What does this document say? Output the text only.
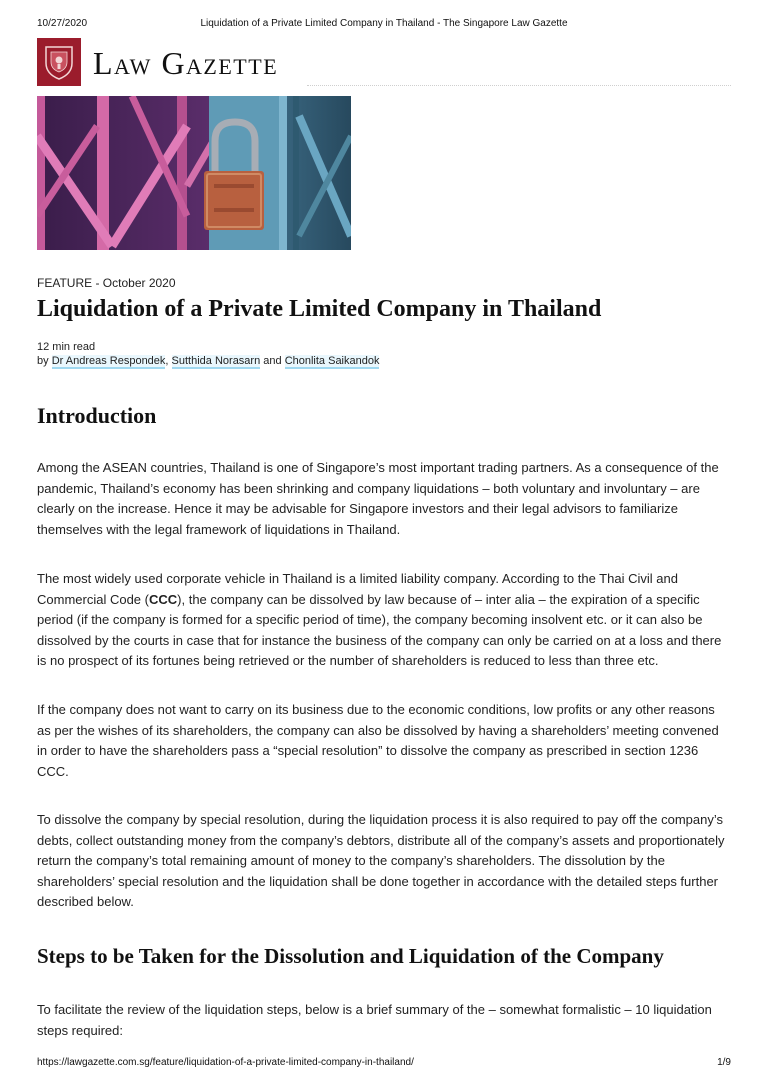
10/27/2020	Liquidation of a Private Limited Company in Thailand - The Singapore Law Gazette
Law Gazette
FEATURE - October 2020
Liquidation of a Private Limited Company in Thailand
12 min read
by Dr Andreas Respondek, Sutthida Norasarn and Chonlita Saikandok
Introduction

Among the ASEAN countries, Thailand is one of Singapore’s most important trading partners. As a consequence of the pandemic, Thailand’s economy has been shrinking and company liquidations – both voluntary and involuntary – are clearly on the increase. Hence it may be advisable for Singapore investors and their legal advisors to familiarize themselves with the legal framework of liquidations in Thailand.

The most widely used corporate vehicle in Thailand is a limited liability company. According to the Thai Civil and Commercial Code (CCC), the company can be dissolved by law because of – inter alia – the expiration of a specific period (if the company is formed for a specific period of time), the company becoming insolvent etc. or it can also be dissolved by the courts in case that for instance the business of the company can only be carried on at a loss and there is no prospect of its fortunes being retrieved or the number of shareholders is reduced to less than three etc.

If the company does not want to carry on its business due to the economic conditions, low profits or any other reasons as per the wishes of its shareholders, the company can also be dissolved by having a shareholders’ meeting convened in order to have the shareholders pass a “special resolution” to dissolve the company as prescribed in section 1236 CCC.

To dissolve the company by special resolution, during the liquidation process it is also required to pay off the company’s debts, collect outstanding money from the company’s debtors, distribute all of the company’s assets and proportionately return the company’s total remaining amount of money to the company’s shareholders. The dissolution by the shareholders’ special resolution and the liquidation shall be done together in accordance with the detailed steps further described below.

Steps to be Taken for the Dissolution and Liquidation of the Company

To facilitate the review of the liquidation steps, below is a brief summary of the – somewhat formalistic – 10 liquidation steps required:

https://lawgazette.com.sg/feature/liquidation-of-a-private-limited-company-in-thailand/	1/9
